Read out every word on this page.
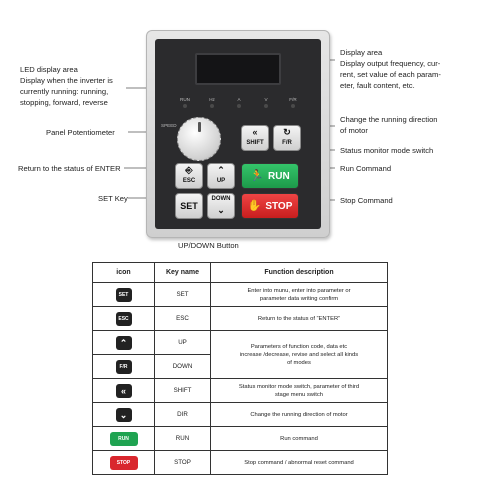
LED display area
Display when the inverter is
currently running: running,
stopping, forward, reverse
Panel Potentiometer
Return to the status of ENTER
SET Key
Display area
Display output frequency, cur-
rent, set value of each param-
eter, fault content, etc.
Change the running direction
of motor
Status monitor mode switch
Run Command
Stop Command
UP/DOWN Button
RUN	Hz	A	V	F/R
SPEED
«
SHIFT
↻
F/R
⎆
ESC
⌃
UP	🏃 RUN
SET
DOWN
⌄	✋ STOP
icon	Key name	Function description
SET	SET	Enter into munu, enter into parameter or
parameter data writing confirm

ESC	ESC	Return to the status of “ENTER”
⌃	UP	Parameters of function code, data etc
increase /decrease, revise and select all kinds
of modes

F/R	DOWN	
«	SHIFT	Status monitor mode switch, parameter of third
stage menu switch

⌄	DIR	Change the running direction of motor
RUN	RUN	Run command
STOP	STOP	Stop command / abnormal reset command
